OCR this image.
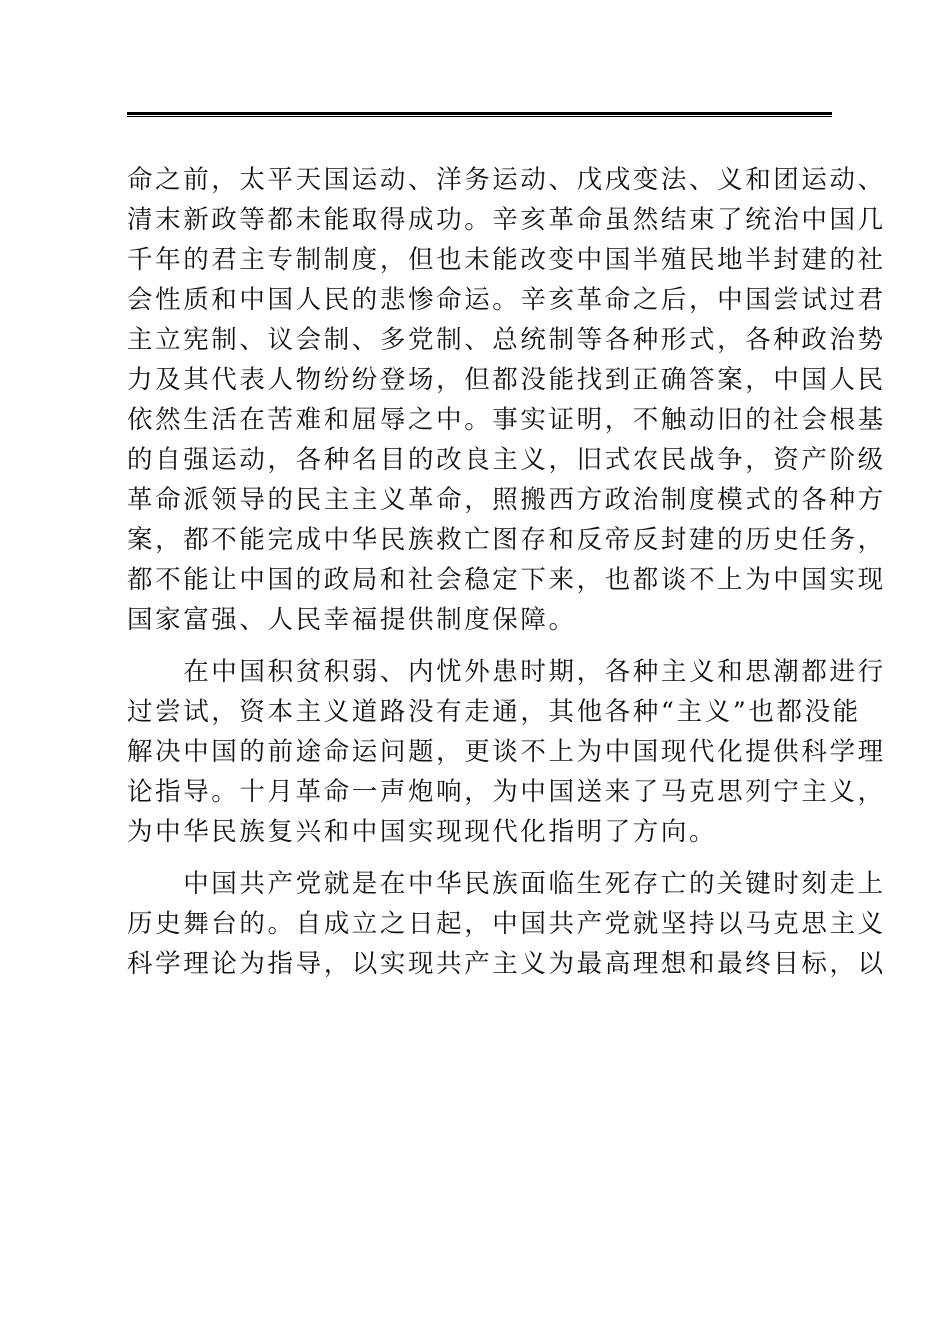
命之前，太平天国运动、洋务运动、戊戌变法、义和团运动、
清末新政等都未能取得成功。辛亥革命虽然结束了统治中国几
千年的君主专制制度，但也未能改变中国半殖民地半封建的社
会性质和中国人民的悲惨命运。辛亥革命之后，中国尝试过君
主立宪制、议会制、多党制、总统制等各种形式，各种政治势
力及其代表人物纷纷登场，但都没能找到正确答案，中国人民
依然生活在苦难和屈辱之中。事实证明，不触动旧的社会根基
的自强运动，各种名目的改良主义，旧式农民战争，资产阶级
革命派领导的民主主义革命，照搬西方政治制度模式的各种方
案，都不能完成中华民族救亡图存和反帝反封建的历史任务，
都不能让中国的政局和社会稳定下来，也都谈不上为中国实现
国家富强、人民幸福提供制度保障。
　　在中国积贫积弱、内忧外患时期，各种主义和思潮都进行
过尝试，资本主义道路没有走通，其他各种“主义”也都没能
解决中国的前途命运问题，更谈不上为中国现代化提供科学理
论指导。十月革命一声炮响，为中国送来了马克思列宁主义，
为中华民族复兴和中国实现现代化指明了方向。
　　中国共产党就是在中华民族面临生死存亡的关键时刻走上
历史舞台的。自成立之日起，中国共产党就坚持以马克思主义
科学理论为指导，以实现共产主义为最高理想和最终目标，以
